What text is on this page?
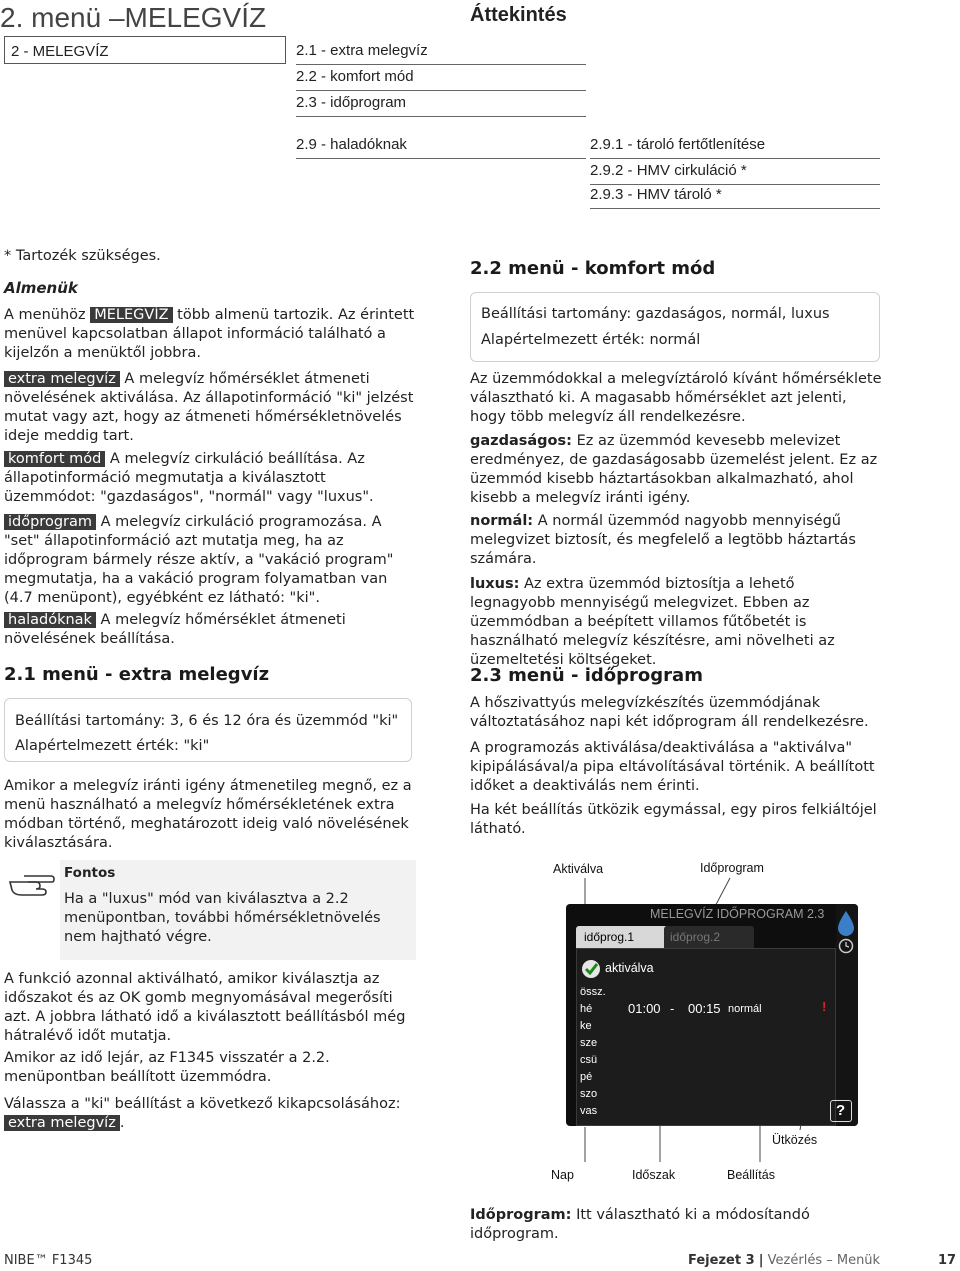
2. menü –MELEGVÍZ	Áttekintés
2 - MELEGVÍZ	2.1 - extra melegvíz
2.2 - komfort mód
2.3 - időprogram
2.9 - haladóknak	2.9.1 - tároló fertőtlenítése
2.9.2 - HMV cirkuláció *
2.9.3 - HMV tároló *
* Tartozék szükséges.
Almenük
A menühöz MELEGVÍZ több almenü tartozik. Az érintett menüvel kapcsolatban állapot információ található a kijelzőn a menüktől jobbra.
extra melegvíz A melegvíz hőmérséklet átmeneti növelésének aktiválása. Az állapotinformáció "ki" jelzést mutat vagy azt, hogy az átmeneti hőmérsékletnövelés ideje meddig tart.
komfort mód A melegvíz cirkuláció beállítása. Az állapotinformáció megmutatja a kiválasztott üzemmódot: "gazdaságos", "normál" vagy "luxus".
időprogram A melegvíz cirkuláció programozása. A "set" állapotinformáció azt mutatja meg, ha az időprogram bármely része aktív, a "vakáció program" megmutatja, ha a vakáció program folyamatban van (4.7 menüpont), egyébként ez látható: "ki".
haladóknak A melegvíz hőmérséklet átmeneti növelésének beállítása.
2.1 menü - extra melegvíz
Beállítási tartomány: 3, 6 és 12 óra és üzemmód "ki"
Alapértelmezett érték: "ki"
Amikor a melegvíz iránti igény átmenetileg megnő, ez a menü használható a melegvíz hőmérsékletének extra módban történő, meghatározott ideig való növelésének kiválasztására.
Fontos
Ha a "luxus" mód van kiválasztva a 2.2 menüpontban, további hőmérsékletnövelés nem hajtható végre.
A funkció azonnal aktiválható, amikor kiválasztja az időszakot és az OK gomb megnyomásával megerősíti azt. A jobbra látható idő a kiválasztott beállításból még hátralévő időt mutatja.
Amikor az idő lejár, az F1345 visszatér a 2.2. menüpontban beállított üzemmódra.
Válassza a "ki" beállítást a következő kikapcsolásához: extra melegvíz .
2.2 menü - komfort mód
Beállítási tartomány: gazdaságos, normál, luxus
Alapértelmezett érték: normál
Az üzemmódokkal a melegvíztároló kívánt hőmérséklete választható ki. A magasabb hőmérséklet azt jelenti, hogy több melegvíz áll rendelkezésre.
gazdaságos: Ez az üzemmód kevesebb melevizet eredményez, de gazdaságosabb üzemelést jelent. Ez az üzemmód kisebb háztartásokban alkalmazható, ahol kisebb a melegvíz iránti igény.
normál: A normál üzemmód nagyobb mennyiségű melegvizet biztosít, és megfelelő a legtöbb háztartás számára.
luxus: Az extra üzemmód biztosítja a lehető legnagyobb mennyiségű melegvizet. Ebben az üzemmódban a beépített villamos fűtőbetét is használható melegvíz készítésre, ami növelheti az üzemeltetési költségeket.
2.3 menü - időprogram
A hőszivattyús melegvízkészítés üzemmódjának változtatásához napi két időprogram áll rendelkezésre.
A programozás aktiválása/deaktiválása a "aktiválva" kipipálásával/a pipa eltávolításával történik. A beállított időket a deaktiválás nem érinti.
Ha két beállítás ütközik egymással, egy piros felkiáltójel látható.
Aktiválva	Időprogram
Ütközés
Nap	Időszak	Beállítás
MELEGVÍZ IDŐPROGRAM 2.3
időprog.1	időprog.2
aktiválva
?
össz.
hé
ke
sze
csü
pé
szo
vas
01:00 - 00:15 normál	!
Időprogram: Itt választható ki a módosítandó időprogram.
NIBE™ F1345	Fejezet 3 | Vezérlés – Menük	17
